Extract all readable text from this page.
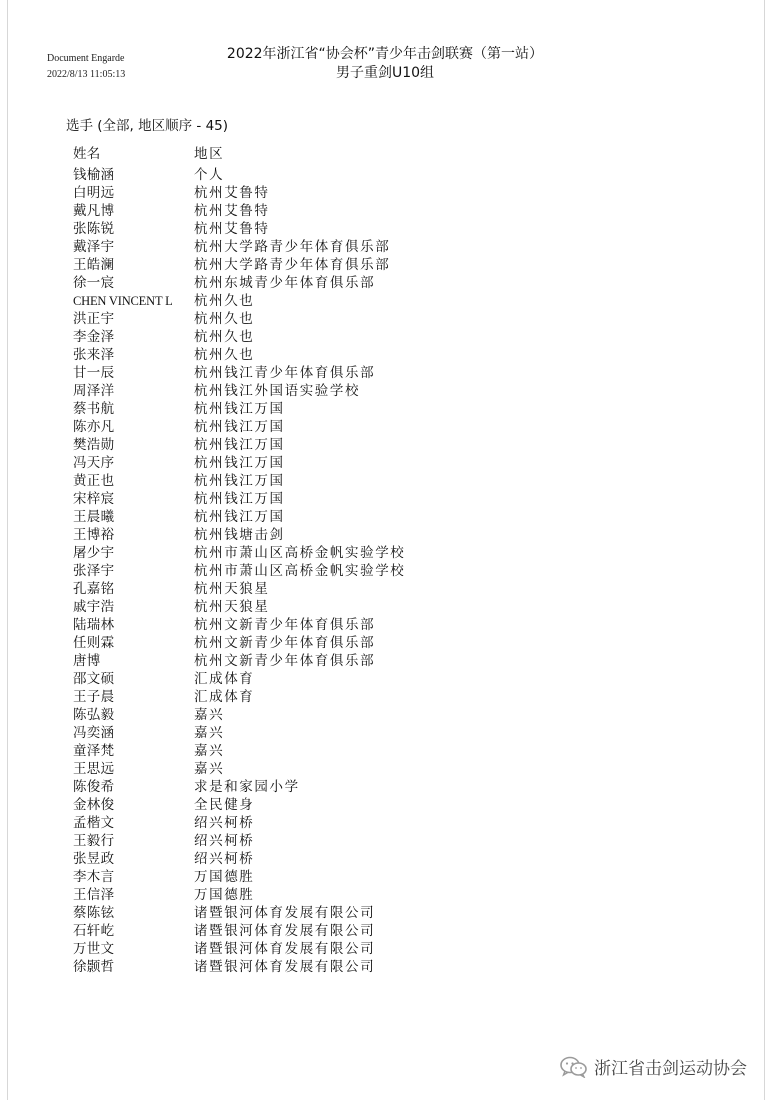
Document Engarde
2022/8/13 11:05:13
2022年浙江省“协会杯”青少年击剑联赛（第一站）
男子重剑U10组
选手 (全部, 地区顺序 - 45)
姓名	地区
钱榆涵	个人
白明远	杭州艾鲁特
戴凡博	杭州艾鲁特
张陈锐	杭州艾鲁特
戴泽宇	杭州大学路青少年体育俱乐部
王皓澜	杭州大学路青少年体育俱乐部
徐一宸	杭州东城青少年体育俱乐部
CHEN VINCENT L	杭州久也
洪正宇	杭州久也
李金泽	杭州久也
张来泽	杭州久也
甘一辰	杭州钱江青少年体育俱乐部
周泽洋	杭州钱江外国语实验学校
蔡书航	杭州钱江万国
陈亦凡	杭州钱江万国
樊浩勋	杭州钱江万国
冯天序	杭州钱江万国
黄正也	杭州钱江万国
宋梓宸	杭州钱江万国
王晨曦	杭州钱江万国
王博裕	杭州钱塘击剑
屠少宇	杭州市萧山区高桥金帆实验学校
张泽宇	杭州市萧山区高桥金帆实验学校
孔嘉铭	杭州天狼星
戚宇浩	杭州天狼星
陆瑞林	杭州文新青少年体育俱乐部
任则霖	杭州文新青少年体育俱乐部
唐博	杭州文新青少年体育俱乐部
邵文硕	汇成体育
王子晨	汇成体育
陈弘毅	嘉兴
冯奕涵	嘉兴
童泽梵	嘉兴
王思远	嘉兴
陈俊希	求是和家园小学
金林俊	全民健身
孟楷文	绍兴柯桥
王毅行	绍兴柯桥
张昱政	绍兴柯桥
李木言	万国德胜
王信泽	万国德胜
蔡陈铉	诸暨银河体育发展有限公司
石轩屹	诸暨银河体育发展有限公司
万世文	诸暨银河体育发展有限公司
徐颢哲	诸暨银河体育发展有限公司
浙江省击剑运动协会
